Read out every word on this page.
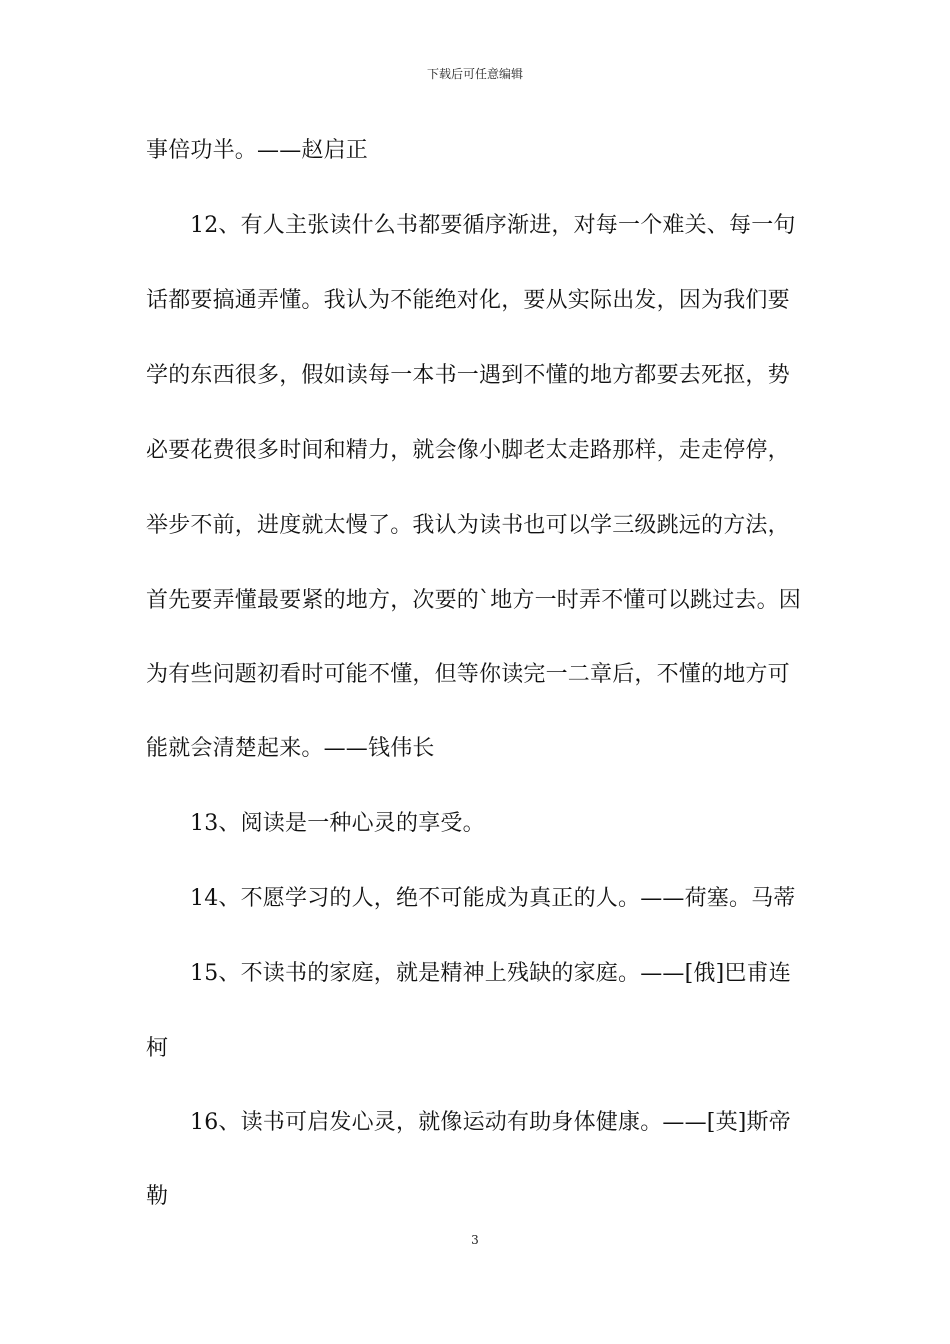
下载后可任意编辑
事倍功半。——赵启正
12、有人主张读什么书都要循序渐进，对每一个难关、每一句
话都要搞通弄懂。我认为不能绝对化，要从实际出发，因为我们要
学的东西很多，假如读每一本书一遇到不懂的地方都要去死抠，势
必要花费很多时间和精力，就会像小脚老太走路那样，走走停停，
举步不前，进度就太慢了。我认为读书也可以学三级跳远的方法，
首先要弄懂最要紧的地方，次要的`地方一时弄不懂可以跳过去。因
为有些问题初看时可能不懂，但等你读完一二章后，不懂的地方可
能就会清楚起来。——钱伟长
13、阅读是一种心灵的享受。
14、不愿学习的人，绝不可能成为真正的人。——荷塞。马蒂
15、不读书的家庭，就是精神上残缺的家庭。——[俄]巴甫连
柯
16、读书可启发心灵，就像运动有助身体健康。——[英]斯帝
勒
3
